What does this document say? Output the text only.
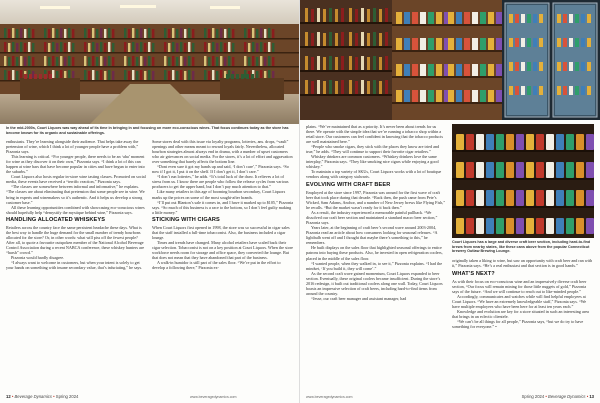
In the mid-2000s, Court Liquors was way ahead of its time in bringing in and focusing on more eco-conscious wines. That focus continues today as the store has become known for its organic and sustainable offerings.

enthusiasts. They’re learning alongside their audience. That helps take away the pretension of wine, which I think a lot of younger people have a problem with,” Pizzonia says.

This learning is critical. “For younger people, there needs to be an ‘aha’ moment for wine as they discover it on their own,” Pizzonia says. “I think a lot of this can happen at wine bars that have become popular in cities and have begun to enter into the suburbs.”

Court Liquors also hosts regular in-store wine tasting classes. Promoted on social media, these events have received a “terrific reaction,” Pizzonia says.

“The classes are somewhere between informal and informative,” he explains. “The classes are about eliminating that pretension that some people see in wine. We bring in experts and winemakers so it’s authentic. And it helps us develop a strong customer base.”

All these learning opportunities combined with showcasing eco-conscious wines should hopefully help “demystify the mystique behind wine,” Pizzonia says.

HANDLING ALLOCATED WHISKEYS

Retailers across the country face the same persistent headache these days. What is the best way to handle the huge demand for the small number of trendy bourbons allocated for the store? Or, in other words: what will piss off the fewest people? After all, to quote a favourite outspoken member of the National Alcohol Beverage Control Association during a recent NABCA conference, these whiskey hunters are “harsh” crowd.”

Pizzonia would hardly disagree.

“I always want to welcome in customers, but when your intent is solely to get your hands on something with insane secondary value, that’s infuriating,” he says.

Some stores deal with this issue via loyalty programs, lotteries, ans. drops, “vault” openings and other means meant to reward loyals fairly. Nevertheless, allocated bourbon strategies almost always end in drama, with a number of upset customers who air grievances on social media. For the stores, it’s a lot of effort and aggravation over something that barely affects the bottom line.

“Dont even sure it got my hands up and said, ‘I don’t care’,” Pizzonia says. “So now if I got it, I put it on the shelf. If I don’t get it, I don’t care.”

“I don’t run lotteries,” he adds. “It’s total luck of the draw. It relieves a lot of stress from us. I know there are people who follow the release cycles from various producers to get the upper hand, but I don’t pay much attention to that.”

Like many retailers in this age of booming bourbon secondary, Court Liquors marks up the prices on some of the most sought-after brands.

“I’ll put out Blanton’s sale it comes in, and I have it marked up to $105,” Pizzonia says. “So much of this business is a race to the bottom, so I don’t feel guilty making a little money.”

STICKING WITH CIGARS

When Court Liquors first opened in 1998, the store was so successful in cigar sales that the staff installed a full-time tobacconist. Also, the business included a cigar lounge.

Times and trends have changed. Many alcohol retailers have scaled back their cigar selection. Tobacconist is not on a key position at Court Liquors. When the store workforce needs room for storage and office space, they converted the lounge. But that does not mean that they have abandoned that part of the business.

A walk-in humidor is still part of the sales floor. “We’re put in the effort to develop a following there,” Pizzonia ex-

12 • Beverage Dynamics • Spring 2024	www.beveragedynamics.com

plains. “We’ve maintained that as a priority. It’s never been about trends for us there. We operate with the simple idea that we’re running a tobacco shop within a retail store. Our customers can feel confident in knowing that the tobacco products are well maintained here.”

“People who smoke cigars, they stick with the places they know are tried and true,” he adds. “They will continue to support their favorite cigar retailers.”

Whiskey drinkers are common customers. “Whiskey drinkers love the same interplay,” Pizzonia says. “They like smoking nice cigars while enjoying a good whiskey.”

To maintain a top variety of SKUs, Court Liquors works with a lot of boutique vendors along with category stalwarts.

EVOLVING WITH CRAFT BEER

Employed at the store since 1997, Pizzonia was around for the first wave of craft beer that took place during that decade. “Back then, the push came from Pete’s Wicked, Sam Adams, Anchor, and a number of New Jersey brews like Flying Fish,” he recalls. “But the market wasn’t ready for it back then.”

As a result, the industry experienced a memorable painful pullback. “We dissolved our craft beer section and maintained a standard macro beer section,” Pizzonia says.

Years later, at the beginning of craft beer’s second wave around 2003-2004, Pizzonia read an article about how consumers looking for seasonal releases. “A lightbulb went off and I thought that maybe there’s something to this,” he remembers.

He built displays on the sales floor that highlighted seasonal offerings to entice patrons into buying these products. Also, he invested in open refrigeration coolers, placed in the middle of the sales floor.

“I wanted people, when they walked in, to see it,” Pizzonia explains. “I had the mindset, ‘If you build it, they will come’.”

As the second craft wave gained momentum, Court Liquors expanded to beer section. Eventually, these original coolers became insufficient. During the store’s 2016 redesign, it built out traditional coolers along one wall. Today, Court Liquors boasts an impressive selection of craft beers, including hard-to-find items from around the country.

“Jesse, our craft beer manager and assistant manager, had

Court Liquors has a large and diverse craft beer section, including hard-to-find brews from nearby states, like these cans above from the popular Connecticut brewery Outlaw Brewing Lounge.

originally taken a liking to wine, but saw an opportunity with craft beer and ran with it,” Pizzonia says. “He’s a real enthusiast and that section is in good hands.”

WHAT’S NEXT?

As with their focus on eco-conscious wine and an impressively diverse craft beer section, “Our focus will remain mining for those little nuggets of gold,” Pizzonia says of the future. “And we will continue to reach out to like-minded people.”

Accordingly, communicates and watches while will find helpful employees at Court Liquors. “We have an extremely knowledgeable staff,” Pizzonia says. “We have multiple employees who have been here for at least ten years each.”

Knowledge and evolution are key for a store situated in such an interesting area that brings in an eclectic clientele.

“We can’t be all things for all people,” Pizzonia says, “but we do try to have something for everyone.” •

www.beveragedynamics.com	Spring 2024 • Beverage Dynamics • 13
